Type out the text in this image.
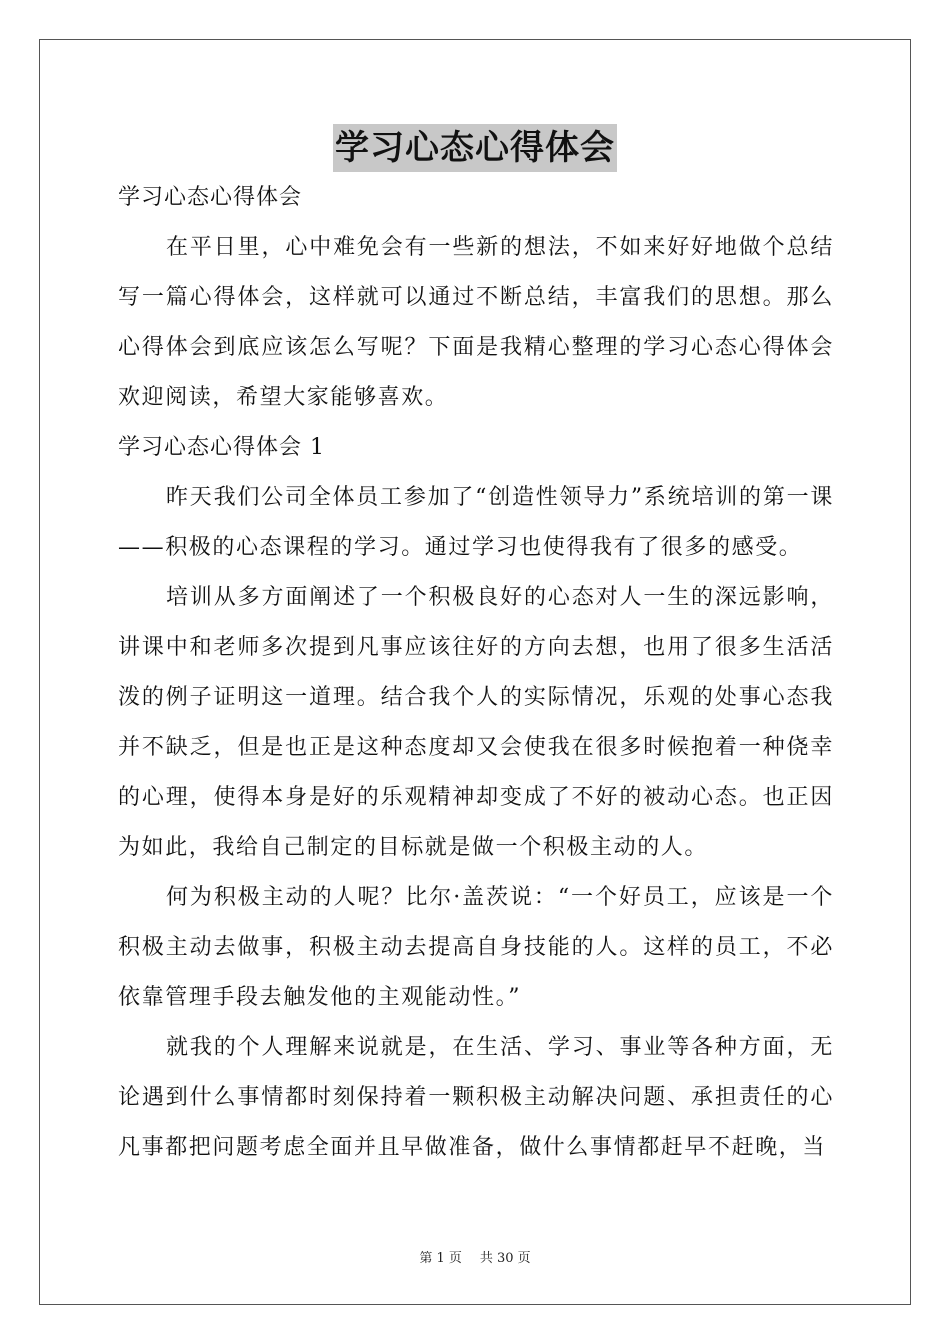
学习心态心得体会

学习心态心得体会

在平日里，心中难免会有一些新的想法，不如来好好地做个总结写一篇心得体会，这样就可以通过不断总结，丰富我们的思想。那么心得体会到底应该怎么写呢？下面是我精心整理的学习心态心得体会欢迎阅读，希望大家能够喜欢。

学习心态心得体会 1

昨天我们公司全体员工参加了“创造性领导力”系统培训的第一课——积极的心态课程的学习。通过学习也使得我有了很多的感受。

培训从多方面阐述了一个积极良好的心态对人一生的深远影响，讲课中和老师多次提到凡事应该往好的方向去想，也用了很多生活活泼的例子证明这一道理。结合我个人的实际情况，乐观的处事心态我并不缺乏，但是也正是这种态度却又会使我在很多时候抱着一种侥幸的心理，使得本身是好的乐观精神却变成了不好的被动心态。也正因为如此，我给自己制定的目标就是做一个积极主动的人。

何为积极主动的人呢？比尔·盖茨说：“一个好员工，应该是一个积极主动去做事，积极主动去提高自身技能的人。这样的员工，不必依靠管理手段去触发他的主观能动性。”

就我的个人理解来说就是，在生活、学习、事业等各种方面，无论遇到什么事情都时刻保持着一颗积极主动解决问题、承担责任的心凡事都把问题考虑全面并且早做准备，做什么事情都赶早不赶晚，当

第 1 页 共 30 页
